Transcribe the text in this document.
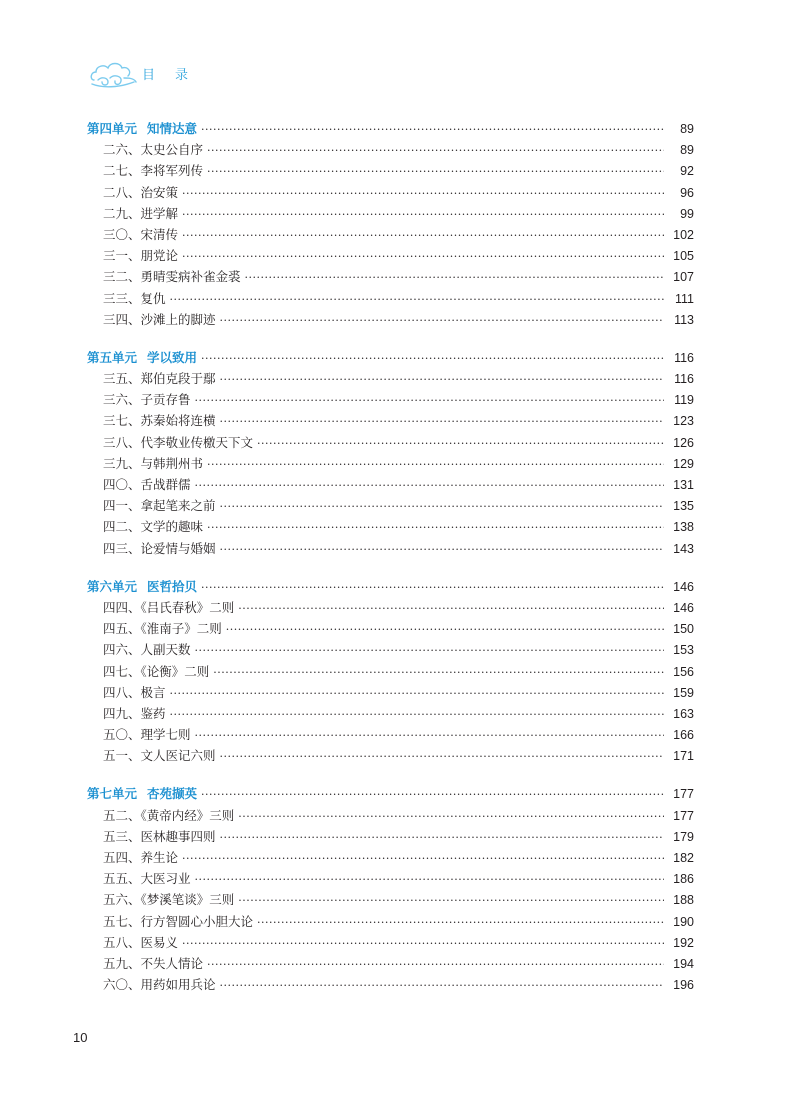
目 录
第四单元 知情达意 ·····	89
二六、太史公自序 ·····	89
二七、李将军列传 ·····	92
二八、治安策 ·····	96
二九、进学解 ·····	99
三〇、宋清传 ·····	102
三一、朋党论 ·····	105
三二、勇晴雯病补雀金裘 ·····	107
三三、复仇 ·····	111
三四、沙滩上的脚迹 ·····	113
第五单元 学以致用 ·····	116
三五、郑伯克段于鄢 ·····	116
三六、子贡存鲁 ·····	119
三七、苏秦始将连横 ·····	123
三八、代李敬业传檄天下文 ·····	126
三九、与韩荆州书 ·····	129
四〇、舌战群儒 ·····	131
四一、拿起笔来之前 ·····	135
四二、文学的趣味 ·····	138
四三、论爱情与婚姻 ·····	143
第六单元 医哲拾贝 ·····	146
四四、《吕氏春秋》二则 ·····	146
四五、《淮南子》二则 ·····	150
四六、人副天数 ·····	153
四七、《论衡》二则 ·····	156
四八、极言 ·····	159
四九、鉴药 ·····	163
五〇、理学七则 ·····	166
五一、文人医记六则 ·····	171
第七单元 杏苑撷英 ·····	177
五二、《黄帝内经》三则 ·····	177
五三、医林趣事四则 ·····	179
五四、养生论 ·····	182
五五、大医习业 ·····	186
五六、《梦溪笔谈》三则 ·····	188
五七、行方智圆心小胆大论 ·····	190
五八、医易义 ·····	192
五九、不失人情论 ·····	194
六〇、用药如用兵论 ·····	196
10
